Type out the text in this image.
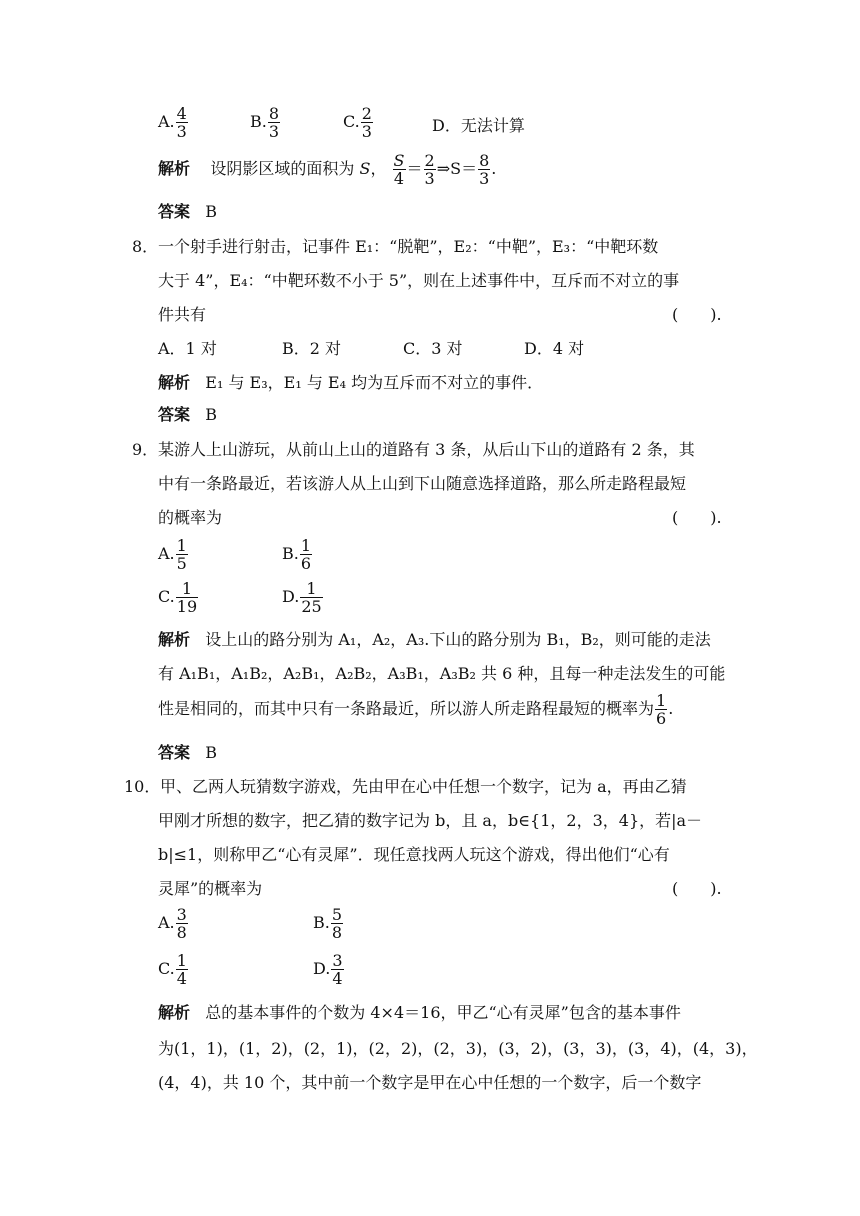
A. $\frac{4}{3}$	B. $\frac{8}{3}$	C. $\frac{2}{3}$	D．无法计算
解析 设阴影区域的面积为 S， $\frac{S}{4} = \frac{2}{3}$ ⇒S＝ $\frac{8}{3}$ .
答案 B
8． 一个射手进行射击，记事件 E₁：“脱靶”，E₂：“中靶”，E₃：“中靶环数
大于 4”，E₄：“中靶环数不小于 5”，则在上述事件中，互斥而不对立的事
件共有	(　　).
A．1 对	B．2 对	C．3 对	D．4 对
解析 E₁ 与 E₃，E₁ 与 E₄ 均为互斥而不对立的事件．
答案 B
9． 某游人上山游玩，从前山上山的道路有 3 条，从后山下山的道路有 2 条，其
中有一条路最近，若该游人从上山到下山随意选择道路，那么所走路程最短
的概率为	(　　).
A. $\frac{1}{5}$	B. $\frac{1}{6}$
C. $\frac{1}{19}$	D. $\frac{1}{25}$
解析 设上山的路分别为 A₁，A₂，A₃.下山的路分别为 B₁，B₂，则可能的走法
有 A₁B₁，A₁B₂，A₂B₁，A₂B₂，A₃B₁，A₃B₂ 共 6 种，且每一种走法发生的可能
性是相同的，而其中只有一条路最近，所以游人所走路程最短的概率为 $\frac{1}{6}$ .
答案 B
10． 甲、乙两人玩猜数字游戏，先由甲在心中任想一个数字，记为 a，再由乙猜
甲刚才所想的数字，把乙猜的数字记为 b，且 a，b∈{1，2，3，4}，若|a－
b|≤1，则称甲乙“心有灵犀”．现任意找两人玩这个游戏，得出他们“心有
灵犀”的概率为	(　　).
A. $\frac{3}{8}$	B. $\frac{5}{8}$
C. $\frac{1}{4}$	D. $\frac{3}{4}$
解析 总的基本事件的个数为 4×4＝16，甲乙“心有灵犀”包含的基本事件
为(1，1)，(1，2)，(2，1)，(2，2)，(2，3)，(3，2)，(3，3)，(3，4)，(4，3)，
(4，4)，共 10 个，其中前一个数字是甲在心中任想的一个数字，后一个数字
